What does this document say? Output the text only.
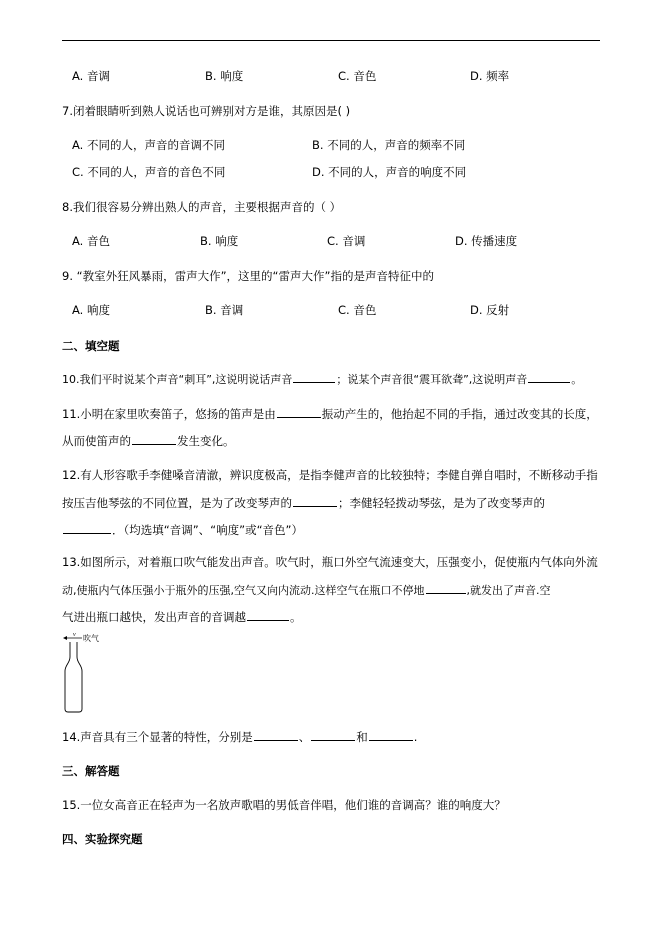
A. 音调	B. 响度	C. 音色	D. 频率
7.闭着眼睛听到熟人说话也可辨别对方是谁，其原因是( )
A. 不同的人，声音的音调不同	B. 不同的人，声音的频率不同
C. 不同的人，声音的音色不同	D. 不同的人，声音的响度不同
8.我们很容易分辨出熟人的声音，主要根据声音的（ ）
A. 音色	B. 响度	C. 音调	D. 传播速度
9. “教室外狂风暴雨，雷声大作”，这里的“雷声大作”指的是声音特征中的
A. 响度	B. 音调	C. 音色	D. 反射
二、填空题
10.我们平时说某个声音“刺耳”,这说明说话声音	；说某个声音很“震耳欲聋”,这说明声音	。
11.小明在家里吹奏笛子，悠扬的笛声是由	振动产生的，他抬起不同的手指，通过改变其的长度，
从而使笛声的	发生变化。
12.有人形容歌手李健嗓音清澈，辨识度极高，是指李健声音的比较独特；李健自弹自唱时，不断移动手指
按压吉他琴弦的不同位置，是为了改变琴声的	；李健轻轻拨动琴弦，是为了改变琴声的
．（均选填“音调”、“响度”或“音色”）
13.如图所示，对着瓶口吹气能发出声音。吹气时，瓶口外空气流速变大，压强变小，促使瓶内气体向外流
动,使瓶内气体压强小于瓶外的压强,空气又向内流动.这样空气在瓶口不停地	,就发出了声音.空
气进出瓶口越快，发出声音的音调越	。
v 吹气
14.声音具有三个显著的特性，分别是	、	和	.
三、解答题
15.一位女高音正在轻声为一名放声歌唱的男低音伴唱，他们谁的音调高？谁的响度大？
四、实验探究题
